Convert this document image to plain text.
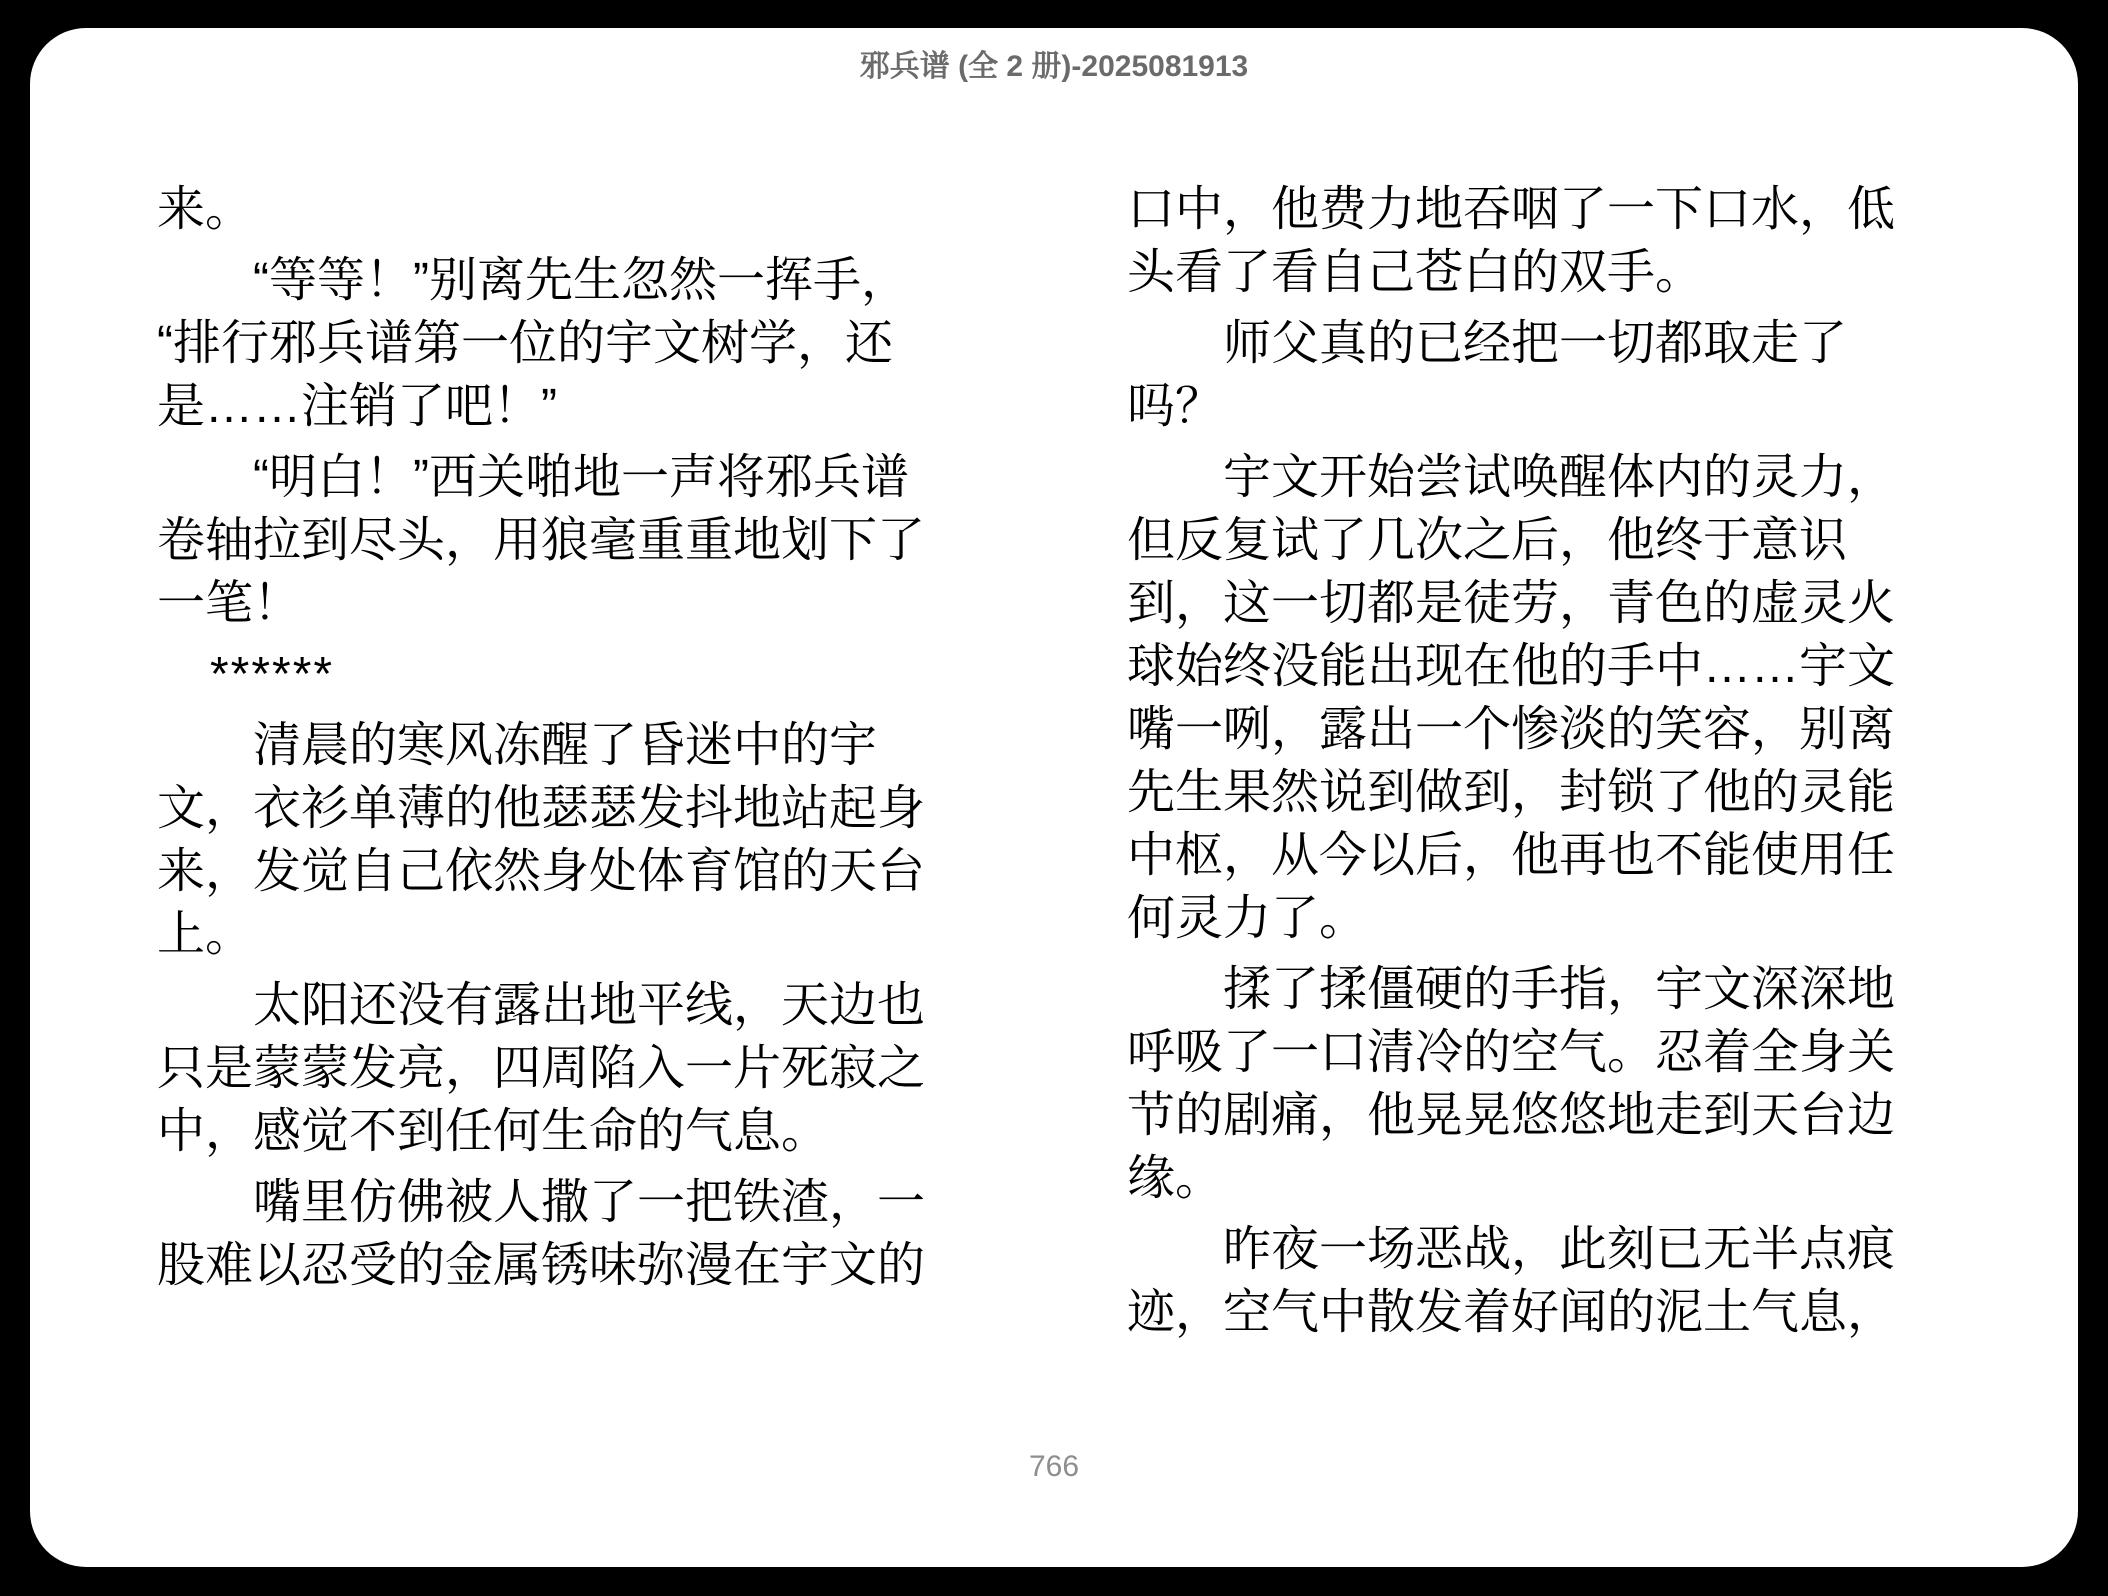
邪兵谱 (全 2 册)-2025081913
来。
“等等！”别离先生忽然一挥手，
“排行邪兵谱第一位的宇文树学，还
是……注销了吧！”
“明白！”西关啪地一声将邪兵谱
卷轴拉到尽头，用狼毫重重地划下了
一笔！
******
清晨的寒风冻醒了昏迷中的宇
文，衣衫单薄的他瑟瑟发抖地站起身
来，发觉自己依然身处体育馆的天台
上。
太阳还没有露出地平线，天边也
只是蒙蒙发亮，四周陷入一片死寂之
中，感觉不到任何生命的气息。
嘴里仿佛被人撒了一把铁渣，一
股难以忍受的金属锈味弥漫在宇文的
口中，他费力地吞咽了一下口水，低
头看了看自己苍白的双手。
师父真的已经把一切都取走了
吗？
宇文开始尝试唤醒体内的灵力，
但反复试了几次之后，他终于意识
到，这一切都是徒劳，青色的虚灵火
球始终没能出现在他的手中……宇文
嘴一咧，露出一个惨淡的笑容，别离
先生果然说到做到，封锁了他的灵能
中枢，从今以后，他再也不能使用任
何灵力了。
揉了揉僵硬的手指，宇文深深地
呼吸了一口清冷的空气。忍着全身关
节的剧痛，他晃晃悠悠地走到天台边
缘。
昨夜一场恶战，此刻已无半点痕
迹，空气中散发着好闻的泥土气息，
766
